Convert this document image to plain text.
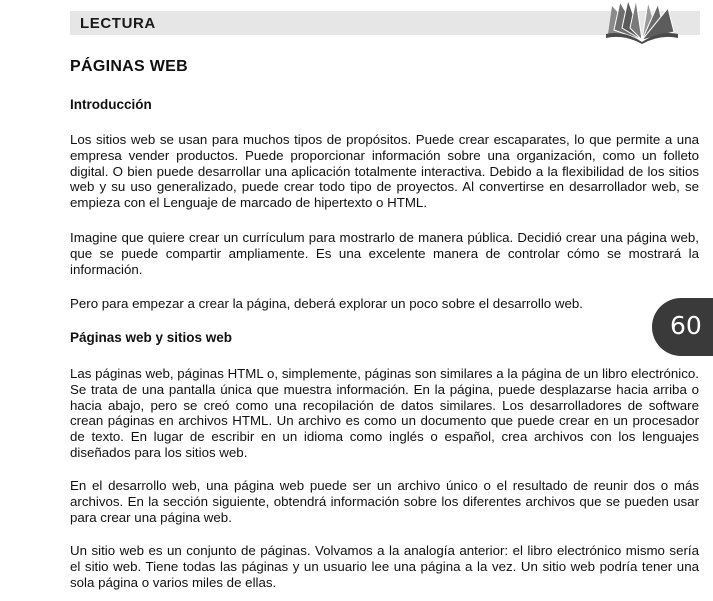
LECTURA
PÁGINAS WEB
Introducción

Los sitios web se usan para muchos tipos de propósitos. Puede crear escaparates, lo que permite a una empresa vender productos. Puede proporcionar información sobre una organización, como un folleto digital. O bien puede desarrollar una aplicación totalmente interactiva. Debido a la flexibilidad de los sitios web y su uso generalizado, puede crear todo tipo de proyectos. Al convertirse en desarrollador web, se empieza con el Lenguaje de marcado de hipertexto o HTML.

Imagine que quiere crear un currículum para mostrarlo de manera pública. Decidió crear una página web, que se puede compartir ampliamente. Es una excelente manera de controlar cómo se mostrará la información.

Pero para empezar a crear la página, deberá explorar un poco sobre el desarrollo web.

Páginas web y sitios web

Las páginas web, páginas HTML o, simplemente, páginas son similares a la página de un libro electrónico. Se trata de una pantalla única que muestra información. En la página, puede desplazarse hacia arriba o hacia abajo, pero se creó como una recopilación de datos similares. Los desarrolladores de software crean páginas en archivos HTML. Un archivo es como un documento que puede crear en un procesador de texto. En lugar de escribir en un idioma como inglés o español, crea archivos con los lenguajes diseñados para los sitios web.

En el desarrollo web, una página web puede ser un archivo único o el resultado de reunir dos o más archivos. En la sección siguiente, obtendrá información sobre los diferentes archivos que se pueden usar para crear una página web.

Un sitio web es un conjunto de páginas. Volvamos a la analogía anterior: el libro electrónico mismo sería el sitio web. Tiene todas las páginas y un usuario lee una página a la vez. Un sitio web podría tener una sola página o varios miles de ellas.

60
